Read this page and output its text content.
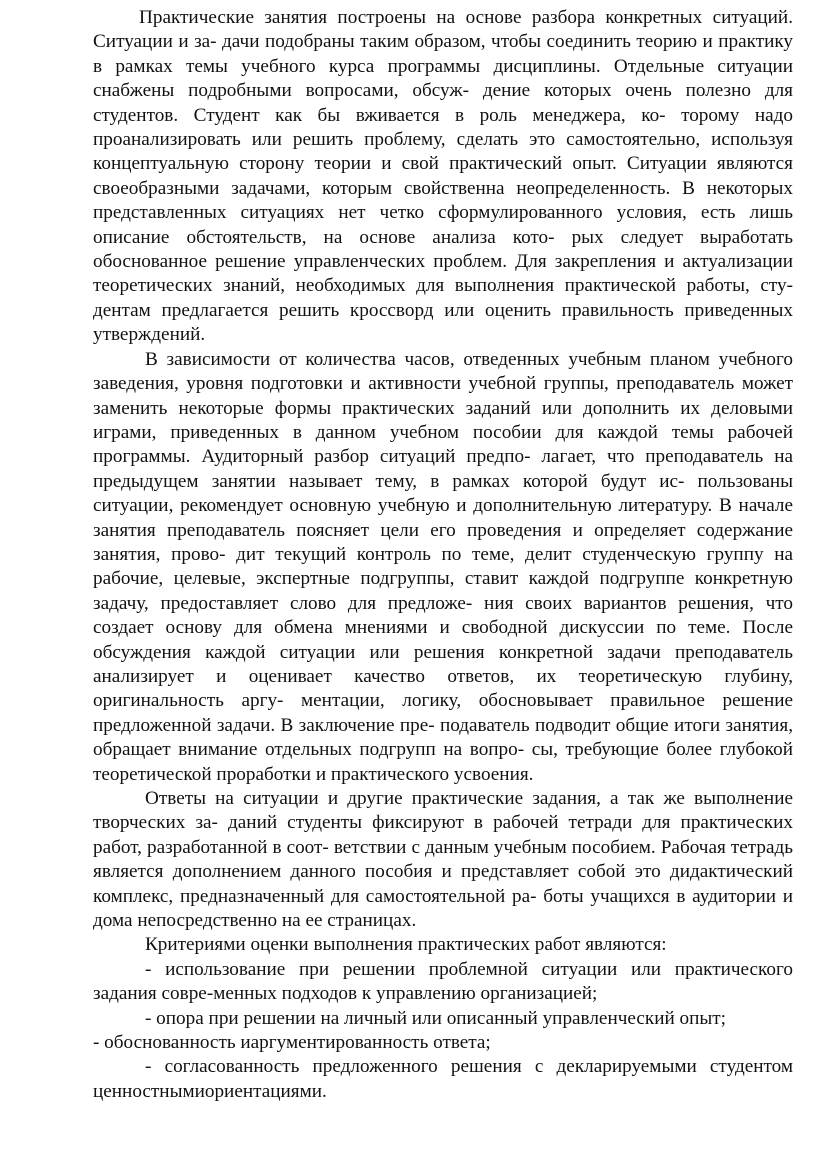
Практические занятия построены на основе разбора конкретных ситуаций. Ситуации и за- дачи подобраны таким образом, чтобы соединить теорию и практику в рамках темы учебного курса программы дисциплины. Отдельные ситуации снабжены подробными вопросами, обсуж- дение которых очень полезно для студентов. Студент как бы вживается в роль менеджера, ко- торому надо проанализировать или решить проблему, сделать это самостоятельно, используя концептуальную сторону теории и свой практический опыт. Ситуации являются своеобразными задачами, которым свойственна неопределенность. В некоторых представленных ситуациях нет четко сформулированного условия, есть лишь описание обстоятельств, на основе анализа кото- рых следует выработать обоснованное решение управленческих проблем. Для закрепления и актуализации теоретических знаний, необходимых для выполнения практической работы, сту- дентам предлагается решить кроссворд или оценить правильность приведенных утверждений.

В зависимости от количества часов, отведенных учебным планом учебного заведения, уровня подготовки и активности учебной группы, преподаватель может заменить некоторые формы практических заданий или дополнить их деловыми играми, приведенных в данном учебном пособии для каждой темы рабочей программы. Аудиторный разбор ситуаций предпо- лагает, что преподаватель на предыдущем занятии называет тему, в рамках которой будут ис- пользованы ситуации, рекомендует основную учебную и дополнительную литературу. В начале занятия преподаватель поясняет цели его проведения и определяет содержание занятия, прово- дит текущий контроль по теме, делит студенческую группу на рабочие, целевые, экспертные подгруппы, ставит каждой подгруппе конкретную задачу, предоставляет слово для предложе- ния своих вариантов решения, что создает основу для обмена мнениями и свободной дискуссии по теме. После обсуждения каждой ситуации или решения конкретной задачи преподаватель анализирует и оценивает качество ответов, их теоретическую глубину, оригинальность аргу- ментации, логику, обосновывает правильное решение предложенной задачи. В заключение пре- подаватель подводит общие итоги занятия, обращает внимание отдельных подгрупп на вопро- сы, требующие более глубокой теоретической проработки и практического усвоения.

Ответы на ситуации и другие практические задания, а так же выполнение творческих за- даний студенты фиксируют в рабочей тетради для практических работ, разработанной в соот- ветствии с данным учебным пособием. Рабочая тетрадь является дополнением данного пособия и представляет собой это дидактический комплекс, предназначенный для самостоятельной ра- боты учащихся в аудитории и дома непосредственно на ее страницах.

Критериями оценки выполнения практических работ являются:

- использование при решении проблемной ситуации или практического задания совре-менных подходов к управлению организацией;

- опора при решении на личный или описанный управленческий опыт;

- обоснованность иаргументированность ответа;

- согласованность предложенного решения с декларируемыми студентом ценностнымиориентациями.
